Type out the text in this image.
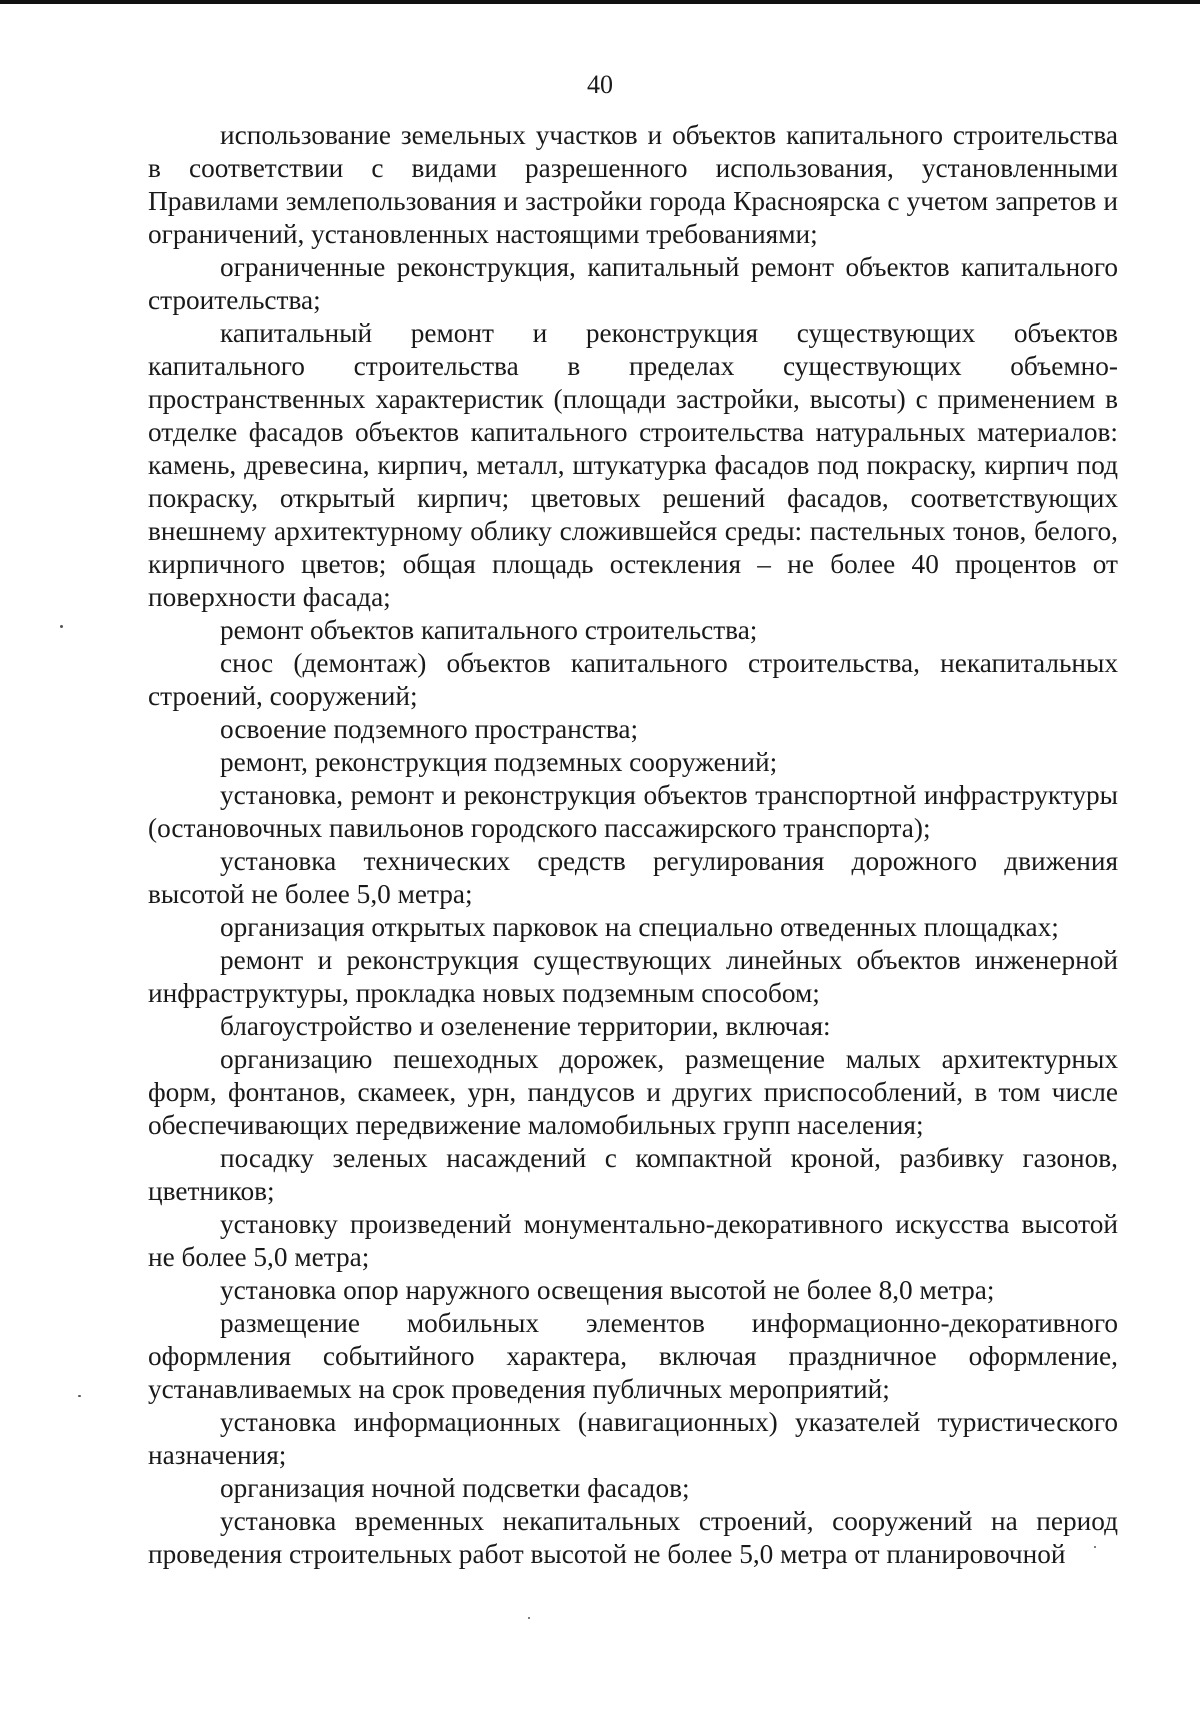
40

использование земельных участков и объектов капитального строительства в соответствии с видами разрешенного использования, установленными Правилами землепользования и застройки города Красноярска с учетом запретов и ограничений, установленных настоящими требованиями;

ограниченные реконструкция, капитальный ремонт объектов капитального строительства;

капитальный ремонт и реконструкция существующих объектов капитального строительства в пределах существующих объемно-пространственных характеристик (площади застройки, высоты) с применением в отделке фасадов объектов капитального строительства натуральных материалов: камень, древесина, кирпич, металл, штукатурка фасадов под покраску, кирпич под покраску, открытый кирпич; цветовых решений фасадов, соответствующих внешнему архитектурному облику сложившейся среды: пастельных тонов, белого, кирпичного цветов; общая площадь остекления – не более 40 процентов от поверхности фасада;

ремонт объектов капитального строительства;

снос (демонтаж) объектов капитального строительства, некапитальных строений, сооружений;

освоение подземного пространства;

ремонт, реконструкция подземных сооружений;

установка, ремонт и реконструкция объектов транспортной инфраструктуры (остановочных павильонов городского пассажирского транспорта);

установка технических средств регулирования дорожного движения высотой не более 5,0 метра;

организация открытых парковок на специально отведенных площадках;

ремонт и реконструкция существующих линейных объектов инженерной инфраструктуры, прокладка новых подземным способом;

благоустройство и озеленение территории, включая:

организацию пешеходных дорожек, размещение малых архитектурных форм, фонтанов, скамеек, урн, пандусов и других приспособлений, в том числе обеспечивающих передвижение маломобильных групп населения;

посадку зеленых насаждений с компактной кроной, разбивку газонов, цветников;

установку произведений монументально-декоративного искусства высотой не более 5,0 метра;

установка опор наружного освещения высотой не более 8,0 метра;

размещение мобильных элементов информационно-декоративного оформления событийного характера, включая праздничное оформление, устанавливаемых на срок проведения публичных мероприятий;

установка информационных (навигационных) указателей туристического назначения;

организация ночной подсветки фасадов;

установка временных некапитальных строений, сооружений на период проведения строительных работ высотой не более 5,0 метра от планировочной
